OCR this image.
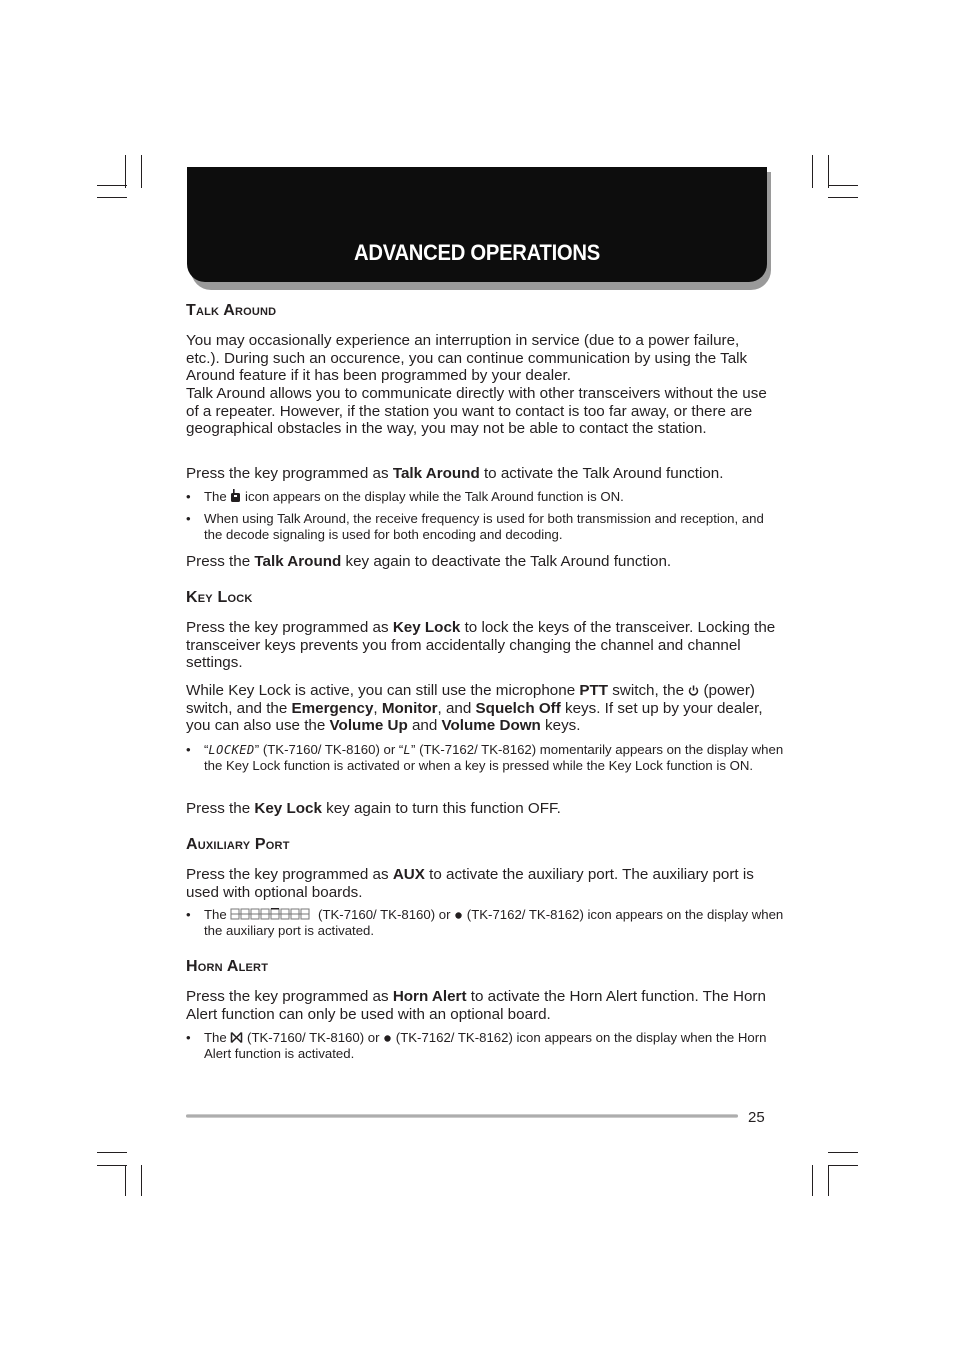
ADVANCED OPERATIONS
Talk Around

You may occasionally experience an interruption in service (due to a power failure, etc.). During such an occurence, you can continue communication by using the Talk Around feature if it has been programmed by your dealer.

Talk Around allows you to communicate directly with other transceivers without the use of a repeater. However, if the station you want to contact is too far away, or there are geographical obstacles in the way, you may not be able to contact the station.

Press the key programmed as Talk Around to activate the Talk Around function.

• The  icon appears on the display while the Talk Around function is ON.
• When using Talk Around, the receive frequency is used for both transmission and reception, and the decode signaling is used for both encoding and decoding.

Press the Talk Around key again to deactivate the Talk Around function.

Key Lock

Press the key programmed as Key Lock to lock the keys of the transceiver. Locking the transceiver keys prevents you from accidentally changing the channel and channel settings.

While Key Lock is active, you can still use the microphone PTT switch, the  (power) switch, and the Emergency, Monitor, and Squelch Off keys. If set up by your dealer, you can also use the Volume Up and Volume Down keys.

• “LOCKED” (TK-7160/ TK-8160) or “L” (TK-7162/ TK-8162) momentarily appears on the display when the Key Lock function is activated or when a key is pressed while the Key Lock function is ON.

Press the Key Lock key again to turn this function OFF.

Auxiliary Port

Press the key programmed as AUX to activate the auxiliary port. The auxiliary port is used with optional boards.

• The	(TK-7160/ TK-8160) or  (TK-7162/ TK-8162) icon appears on the display when the auxiliary port is activated.
Horn Alert

Press the key programmed as Horn Alert to activate the Horn Alert function. The Horn Alert function can only be used with an optional board.

• The  (TK-7160/ TK-8160) or  (TK-7162/ TK-8162) icon appears on the display when the Horn Alert function is activated.
25
